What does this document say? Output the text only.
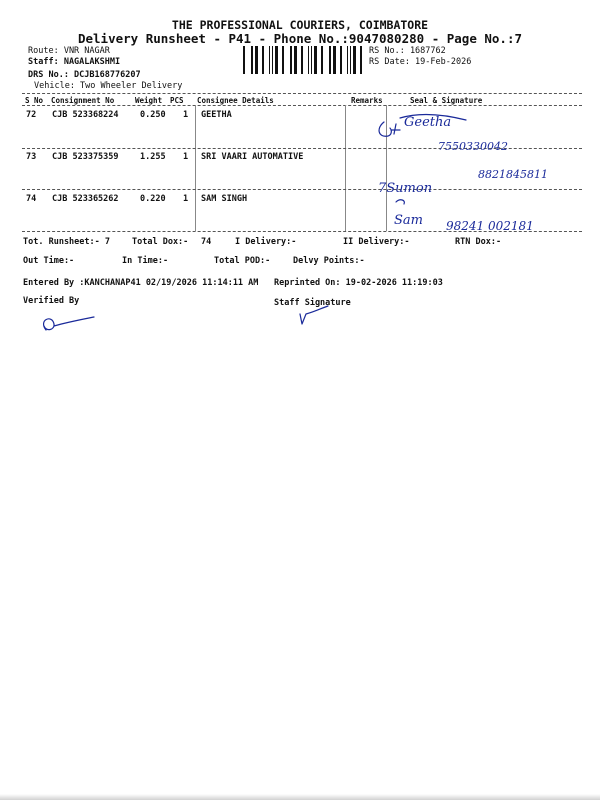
THE PROFESSIONAL COURIERS, COIMBATORE
Delivery Runsheet - P41 - Phone No.:9047080280 - Page No.:7
Route: VNR NAGAR
Staff: NAGALAKSHMI
DRS No.: DCJB168776207
Vehicle: Two Wheeler Delivery
RS No.: 1687762
RS Date: 19-Feb-2026
S No Consignment No	Weight PCS Consignee Details	Remarks	Seal & Signature
72 CJB 523368224	0.250 1 GEETHA
73 CJB 523375359	1.255 1 SRI VAARI AUTOMATIVE
74 CJB 523365262	0.220 1 SAM SINGH
Geetha
7550330042
7Sumon
8821845811
Sam 98241 002181
Tot. Runsheet:- 7	Total Dox:- 74	I Delivery:-	II Delivery:-	RTN Dox:-
Out Time:-	In Time:-	Total POD:-	Delvy Points:-
Entered By :KANCHANAP41 02/19/2026 11:14:11 AM Reprinted On: 19-02-2026 11:19:03
Verified By	Staff Signature
